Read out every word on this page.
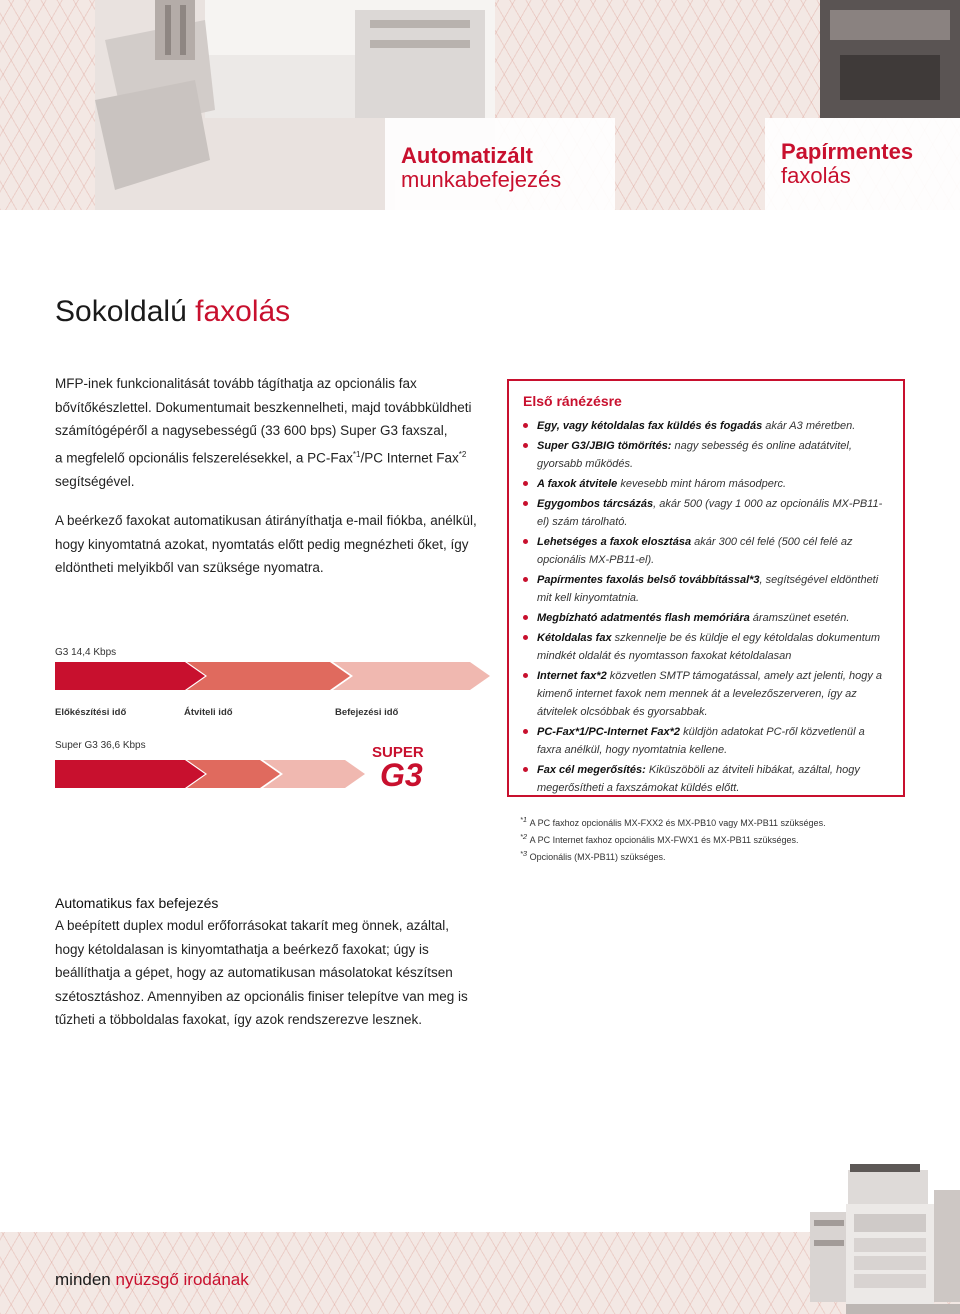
Automatizált
munkabefejezés
Papírmentes
faxolás
Sokoldalú faxolás
MFP-inek funkcionalitását tovább tágíthatja az opcionális fax
bővítőkészlettel. Dokumentumait beszkennelheti, majd továbbküldheti
számítógépéről a nagysebességű (33 600 bps) Super G3 faxszal,
a megfelelő opcionális felszerelésekkel, a PC-Fax$^{*1}$/PC Internet Fax$^{*2}$
segítségével.
A beérkező faxokat automatikusan átirányíthatja e-mail fiókba, anélkül,
hogy kinyomtatná azokat, nyomtatás előtt pedig megnézheti őket, így
eldöntheti melyikből van szüksége nyomatra.
G3 14,4 Kbps
Előkészítési idő	Átviteli idő	Befejezési idő
Super G3 36,6 Kbps	SUPER
G3
Első ránézésre
Egy, vagy kétoldalas fax küldés és fogadás akár A3 méretben.
Super G3/JBIG tömörítés: nagy sebesség és online adatátvitel, gyorsabb működés.
A faxok átvitele kevesebb mint három másodperc.
Egygombos tárcsázás, akár 500 (vagy 1 000 az opcionális MX-PB11-el) szám tárolható.
Lehetséges a faxok elosztása akár 300 cél felé (500 cél felé az opcionális MX-PB11-el).
Papírmentes faxolás belső továbbítással*3, segítségével eldöntheti mit kell kinyomtatnia.
Megbízható adatmentés flash memóriára áramszünet esetén.
Kétoldalas fax szkennelje be és küldje el egy kétoldalas dokumentum mindkét oldalát és nyomtasson faxokat kétoldalasan
Internet fax*2 közvetlen SMTP támogatással, amely azt jelenti, hogy a kimenő internet faxok nem mennek át a levelezőszerveren, így az átvitelek olcsóbbak és gyorsabbak.
PC-Fax*1/PC-Internet Fax*2 küldjön adatokat PC-ről közvetlenül a faxra anélkül, hogy nyomtatnia kellene.
Fax cél megerősítés: Kiküszöböli az átviteli hibákat, azáltal, hogy megerősítheti a faxszámokat küldés előtt.
$^{*1}$ A PC faxhoz opcionális MX-FXX2 és MX-PB10 vagy MX-PB11 szükséges.
$^{*2}$ A PC Internet faxhoz opcionális MX-FWX1 és MX-PB11 szükséges.
$^{*3}$ Opcionális (MX-PB11) szükséges.
Automatikus fax befejezés
A beépített duplex modul erőforrásokat takarít meg önnek, azáltal,
hogy kétoldalasan is kinyomtathatja a beérkező faxokat; úgy is
beállíthatja a gépet, hogy az automatikusan másolatokat készítsen
szétosztáshoz. Amennyiben az opcionális finiser telepítve van meg is
tűzheti a többoldalas faxokat, így azok rendszerezve lesznek.
minden nyüzsgő irodának
